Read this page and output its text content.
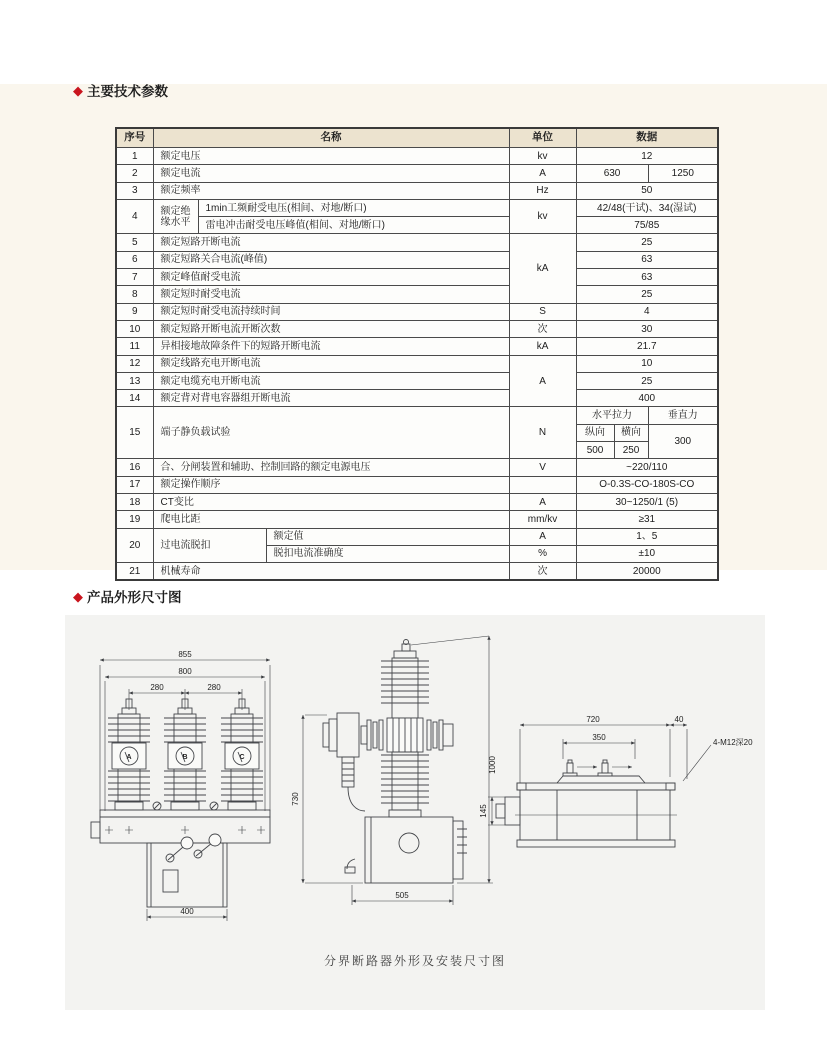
◆ 主要技术参数
序号	名称			单位	数据		
1	额定电压			kv	12		
2	额定电流			A	630		1250
3	额定频率			Hz	50		
4	额定绝缘水平	1min工频耐受电压(相间、对地/断口)		kv	42/48(干试)、34(湿试)		
		雷电冲击耐受电压峰值(相间、对地/断口)			75/85		
5	额定短路开断电流			kA	25		
6	额定短路关合电流(峰值)				63		
7	额定峰值耐受电流				63		
8	额定短时耐受电流				25		
9	额定短时耐受电流持续时间			S	4		
10	额定短路开断电流开断次数			次	30		
11	异相接地故障条件下的短路开断电流			kA	21.7		
12	额定线路充电开断电流			A	10		
13	额定电缆充电开断电流				25		
14	额定背对背电容器组开断电流				400		
15	端子静负载试验			N	水平拉力		垂直力
					纵向	横向	300
					500	250	
16	合、分闸装置和辅助、控制回路的额定电源电压			V	~220/110		
17	额定操作顺序				O-0.3S-CO-180S-CO		
18	CT变比			A	30~1250/1 (5)		
19	爬电比距			mm/kv	≥31		
20	过电流脱扣		额定值	A	1、5		
			脱扣电流准确度	%	±10		
21	机械寿命			次	20000		
◆ 产品外形尺寸图
855
800
280	280
A	B	C
400
730
1000
505
720	40
350
4-M12深20
145
分界断路器外形及安装尺寸图
